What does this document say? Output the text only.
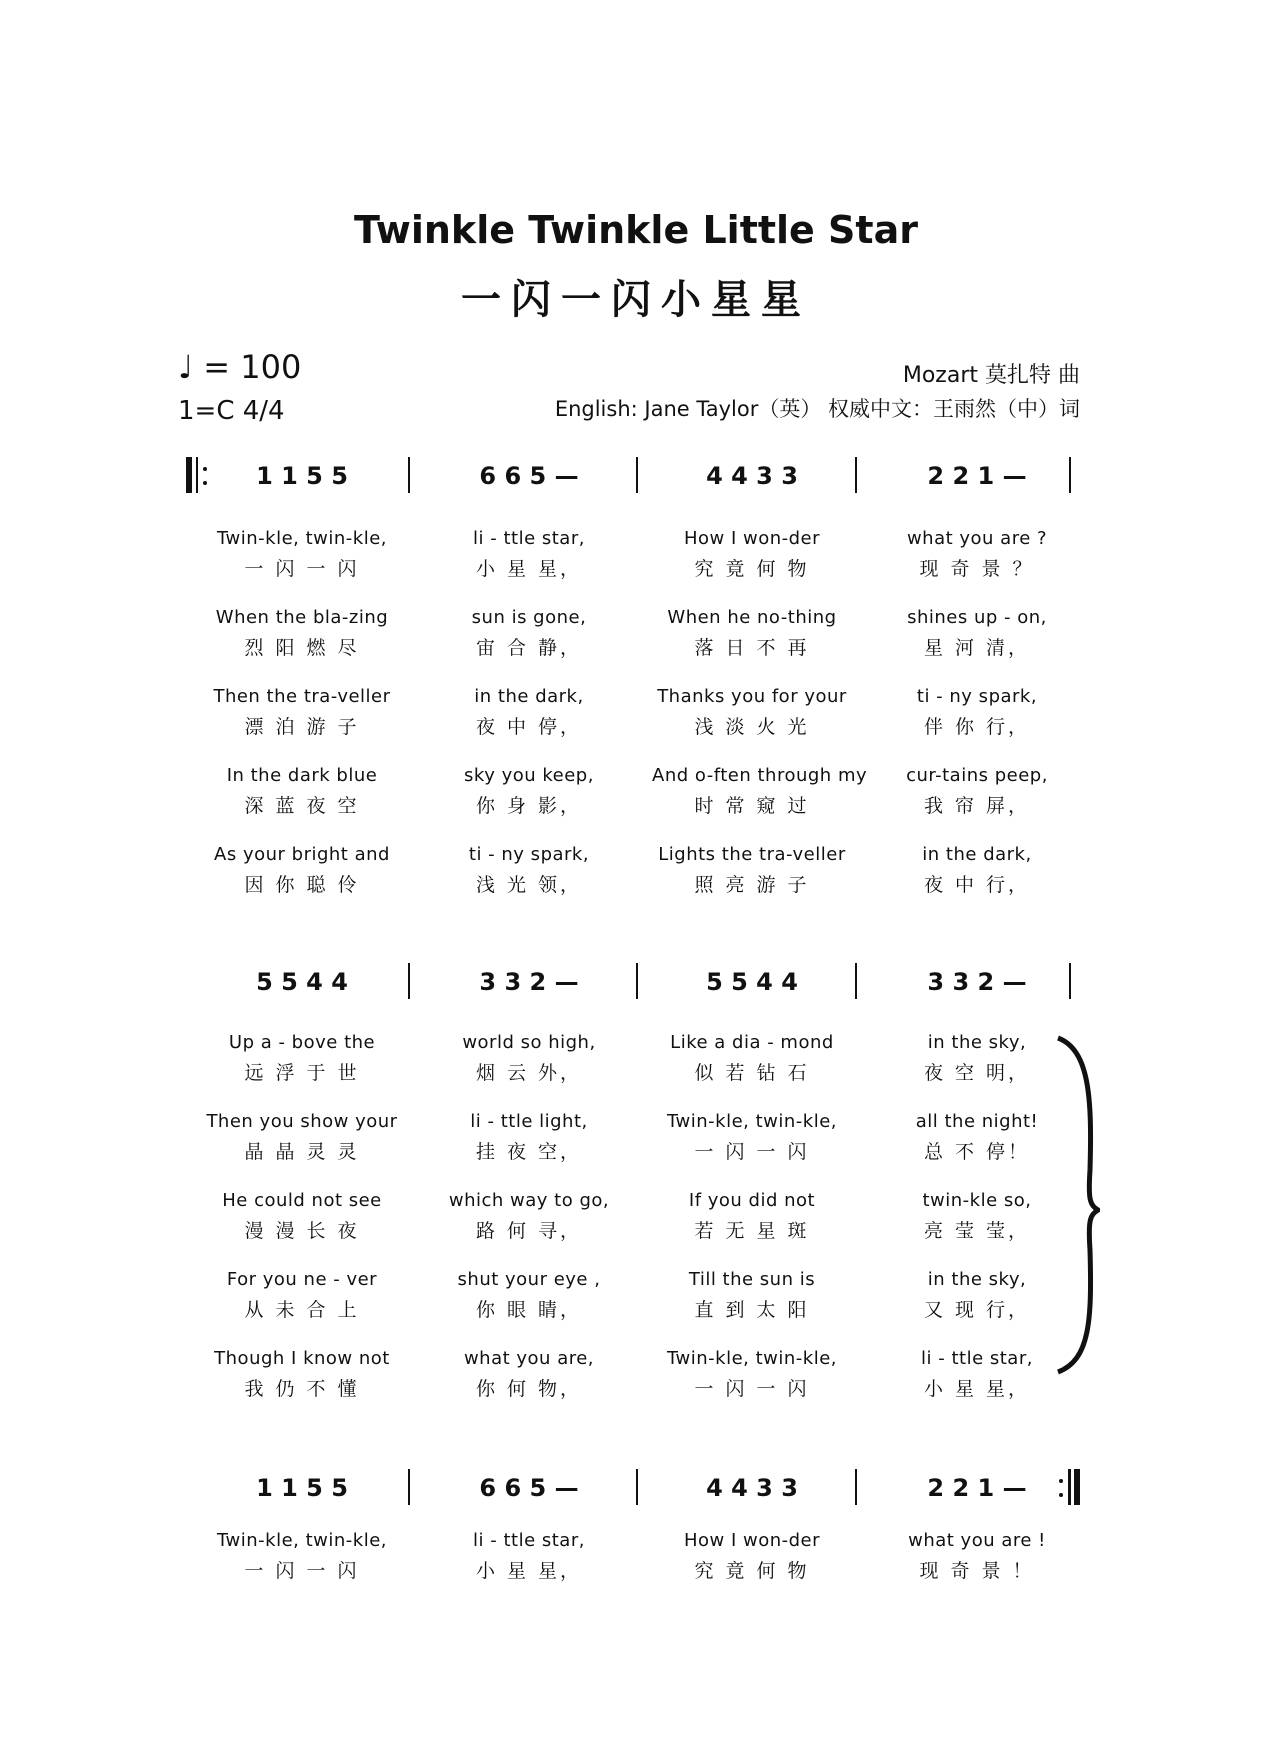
Twinkle Twinkle Little Star
一闪一闪小星星
♩ = 100
1=C 4/4
Mozart 莫扎特 曲
English: Jane Taylor（英） 权威中文：王雨然（中）词
1 1 5 5	6 6 5 —	4 4 3 3	2 2 1 —
Twin-kle, twin-kle,	li - ttle star,	How I won-der	what you are ?
一 闪 一 闪	小 星 星，	究 竟 何 物	现 奇 景 ？
When the bla-zing	sun is gone,	When he no-thing	shines up - on,
烈 阳 燃 尽	宙 合 静，	落 日 不 再	星 河 清，
Then the tra-veller	in the dark,	Thanks you for your	ti - ny spark,
漂 泊 游 子	夜 中 停，	浅 淡 火 光	伴 你 行，
In the dark blue	sky you keep,	And o-ften through my	cur-tains peep,
深 蓝 夜 空	你 身 影，	时 常 窥 过	我 帘 屏，
As your bright and	ti - ny spark,	Lights the tra-veller	in the dark,
因 你 聪 伶	浅 光 领，	照 亮 游 子	夜 中 行，
5 5 4 4	3 3 2 —	5 5 4 4	3 3 2 —
Up a - bove the	world so high,	Like a dia - mond	in the sky,
远 浮 于 世	烟 云 外，	似 若 钻 石	夜 空 明，
Then you show your	li - ttle light,	Twin-kle, twin-kle,	all the night!
晶 晶 灵 灵	挂 夜 空，	一 闪 一 闪	总 不 停！
He could not see	which way to go,	If you did not	twin-kle so,
漫 漫 长 夜	路 何 寻，	若 无 星 斑	亮 莹 莹，
For you ne - ver	shut your eye ,	Till the sun is	in the sky,
从 未 合 上	你 眼 睛，	直 到 太 阳	又 现 行，
Though I know not	what you are,	Twin-kle, twin-kle,	li - ttle star,
我 仍 不 懂	你 何 物，	一 闪 一 闪	小 星 星，
1 1 5 5	6 6 5 —	4 4 3 3	2 2 1 —
Twin-kle, twin-kle,	li - ttle star,	How I won-der	what you are !
一 闪 一 闪	小 星 星，	究 竟 何 物	现 奇 景 ！
